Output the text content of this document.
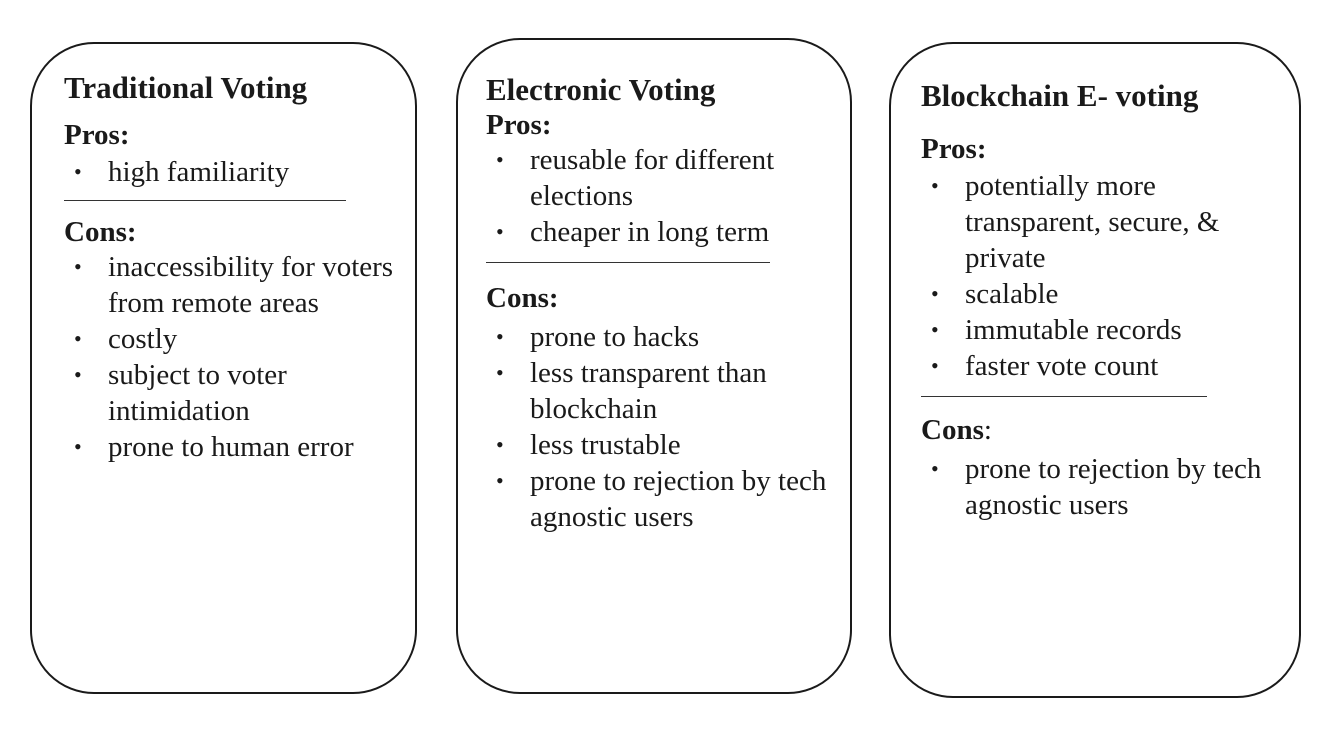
Traditional Voting

Pros:

• high familiarity

Cons:

• inaccessibility for voters from remote areas
• costly
• subject to voter intimidation
• prone to human error

Electronic Voting

Pros:

• reusable for different elections
• cheaper in long term

Cons:

• prone to hacks
• less transparent than blockchain
• less trustable
• prone to rejection by tech agnostic users

Blockchain E- voting

Pros:

• potentially more transparent, secure, & private
• scalable
• immutable records
• faster vote count

Cons:

• prone to rejection by tech agnostic users
